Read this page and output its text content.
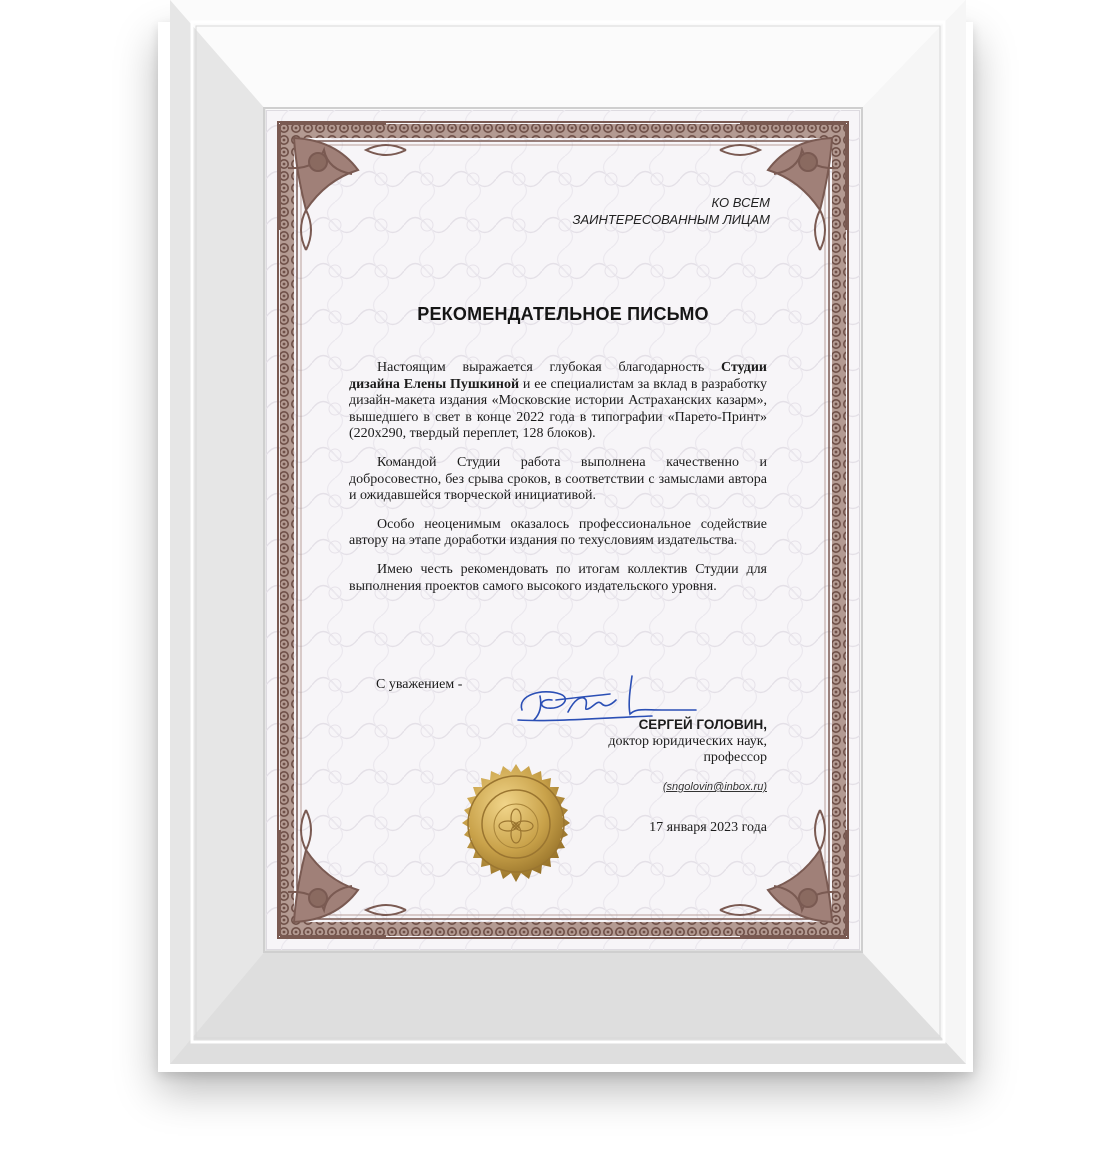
КО ВСЕМ
ЗАИНТЕРЕСОВАННЫМ ЛИЦАМ
РЕКОМЕНДАТЕЛЬНОЕ ПИСЬМО

Настоящим выражается глубокая благодарность Студии дизайна Елены Пушкиной и ее специалистам за вклад в разработку дизайн-макета издания «Московские истории Астраханских казарм», вышедшего в свет в конце 2022 года в типографии «Парето-Принт» (220х290, твердый переплет, 128 блоков).

Командой Студии работа выполнена качественно и добросовестно, без срыва сроков, в соответствии с замыслами автора и ожидавшейся творческой инициативой.

Особо неоценимым оказалось профессиональное содействие автору на этапе доработки издания по техусловиям издательства.

Имею честь рекомендовать по итогам коллектив Студии для выполнения проектов самого высокого издательского уровня.

С уважением -
СЕРГЕЙ ГОЛОВИН,
доктор юридических наук,
профессор
(sngolovin@inbox.ru)
17 января 2023 года
